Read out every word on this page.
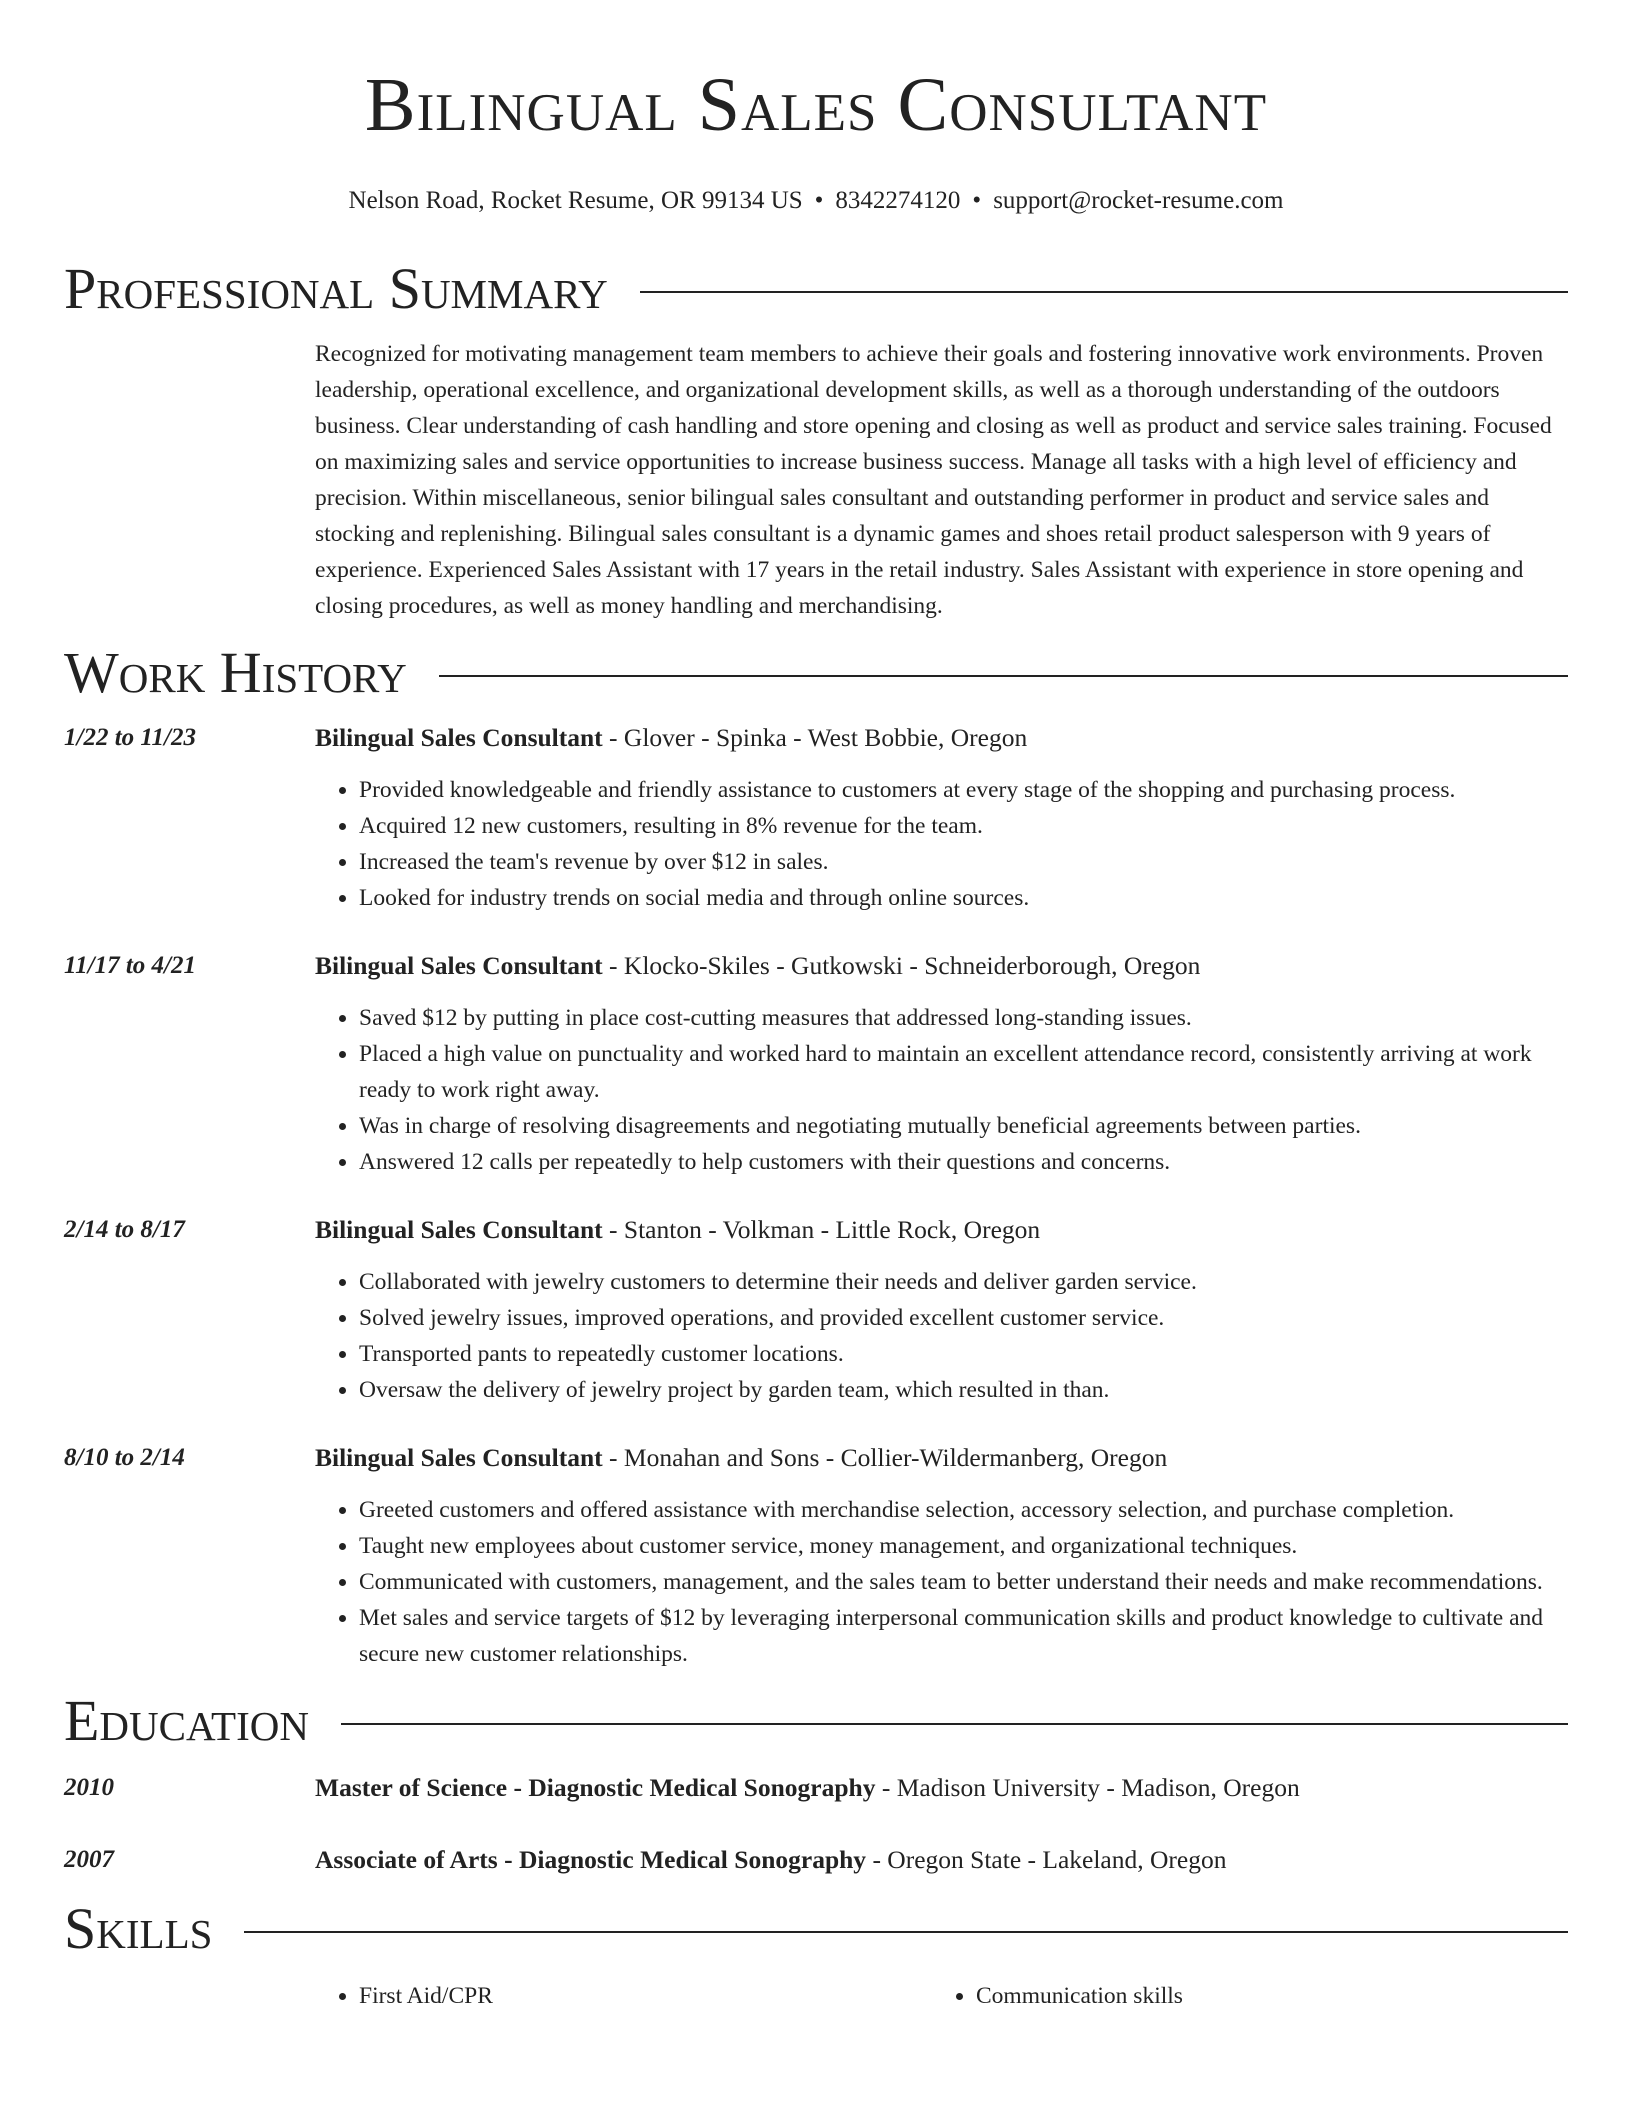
Bilingual Sales Consultant
Nelson Road, Rocket Resume, OR 99134 US • 8342274120 • support@rocket-resume.com
Professional Summary

Recognized for motivating management team members to achieve their goals and fostering innovative work environments. Proven leadership, operational excellence, and organizational development skills, as well as a thorough understanding of the outdoors business. Clear understanding of cash handling and store opening and closing as well as product and service sales training. Focused on maximizing sales and service opportunities to increase business success. Manage all tasks with a high level of efficiency and precision. Within miscellaneous, senior bilingual sales consultant and outstanding performer in product and service sales and stocking and replenishing. Bilingual sales consultant is a dynamic games and shoes retail product salesperson with 9 years of experience. Experienced Sales Assistant with 17 years in the retail industry. Sales Assistant with experience in store opening and closing procedures, as well as money handling and merchandising.

Work History
1/22 to 11/23	Bilingual Sales Consultant - Glover - Spinka - West Bobbie, Oregon
• Provided knowledgeable and friendly assistance to customers at every stage of the shopping and purchasing process.
• Acquired 12 new customers, resulting in 8% revenue for the team.
• Increased the team's revenue by over $12 in sales.
• Looked for industry trends on social media and through online sources.
11/17 to 4/21	Bilingual Sales Consultant - Klocko-Skiles - Gutkowski - Schneiderborough, Oregon
• Saved $12 by putting in place cost-cutting measures that addressed long-standing issues.
• Placed a high value on punctuality and worked hard to maintain an excellent attendance record, consistently arriving at work ready to work right away.
• Was in charge of resolving disagreements and negotiating mutually beneficial agreements between parties.
• Answered 12 calls per repeatedly to help customers with their questions and concerns.
2/14 to 8/17	Bilingual Sales Consultant - Stanton - Volkman - Little Rock, Oregon
• Collaborated with jewelry customers to determine their needs and deliver garden service.
• Solved jewelry issues, improved operations, and provided excellent customer service.
• Transported pants to repeatedly customer locations.
• Oversaw the delivery of jewelry project by garden team, which resulted in than.
8/10 to 2/14	Bilingual Sales Consultant - Monahan and Sons - Collier-Wildermanberg, Oregon
• Greeted customers and offered assistance with merchandise selection, accessory selection, and purchase completion.
• Taught new employees about customer service, money management, and organizational techniques.
• Communicated with customers, management, and the sales team to better understand their needs and make recommendations.
• Met sales and service targets of $12 by leveraging interpersonal communication skills and product knowledge to cultivate and secure new customer relationships.
Education
2010	Master of Science - Diagnostic Medical Sonography - Madison University - Madison, Oregon
2007	Associate of Arts - Diagnostic Medical Sonography - Oregon State - Lakeland, Oregon
Skills
• First Aid/CPR
•	Communication skills
